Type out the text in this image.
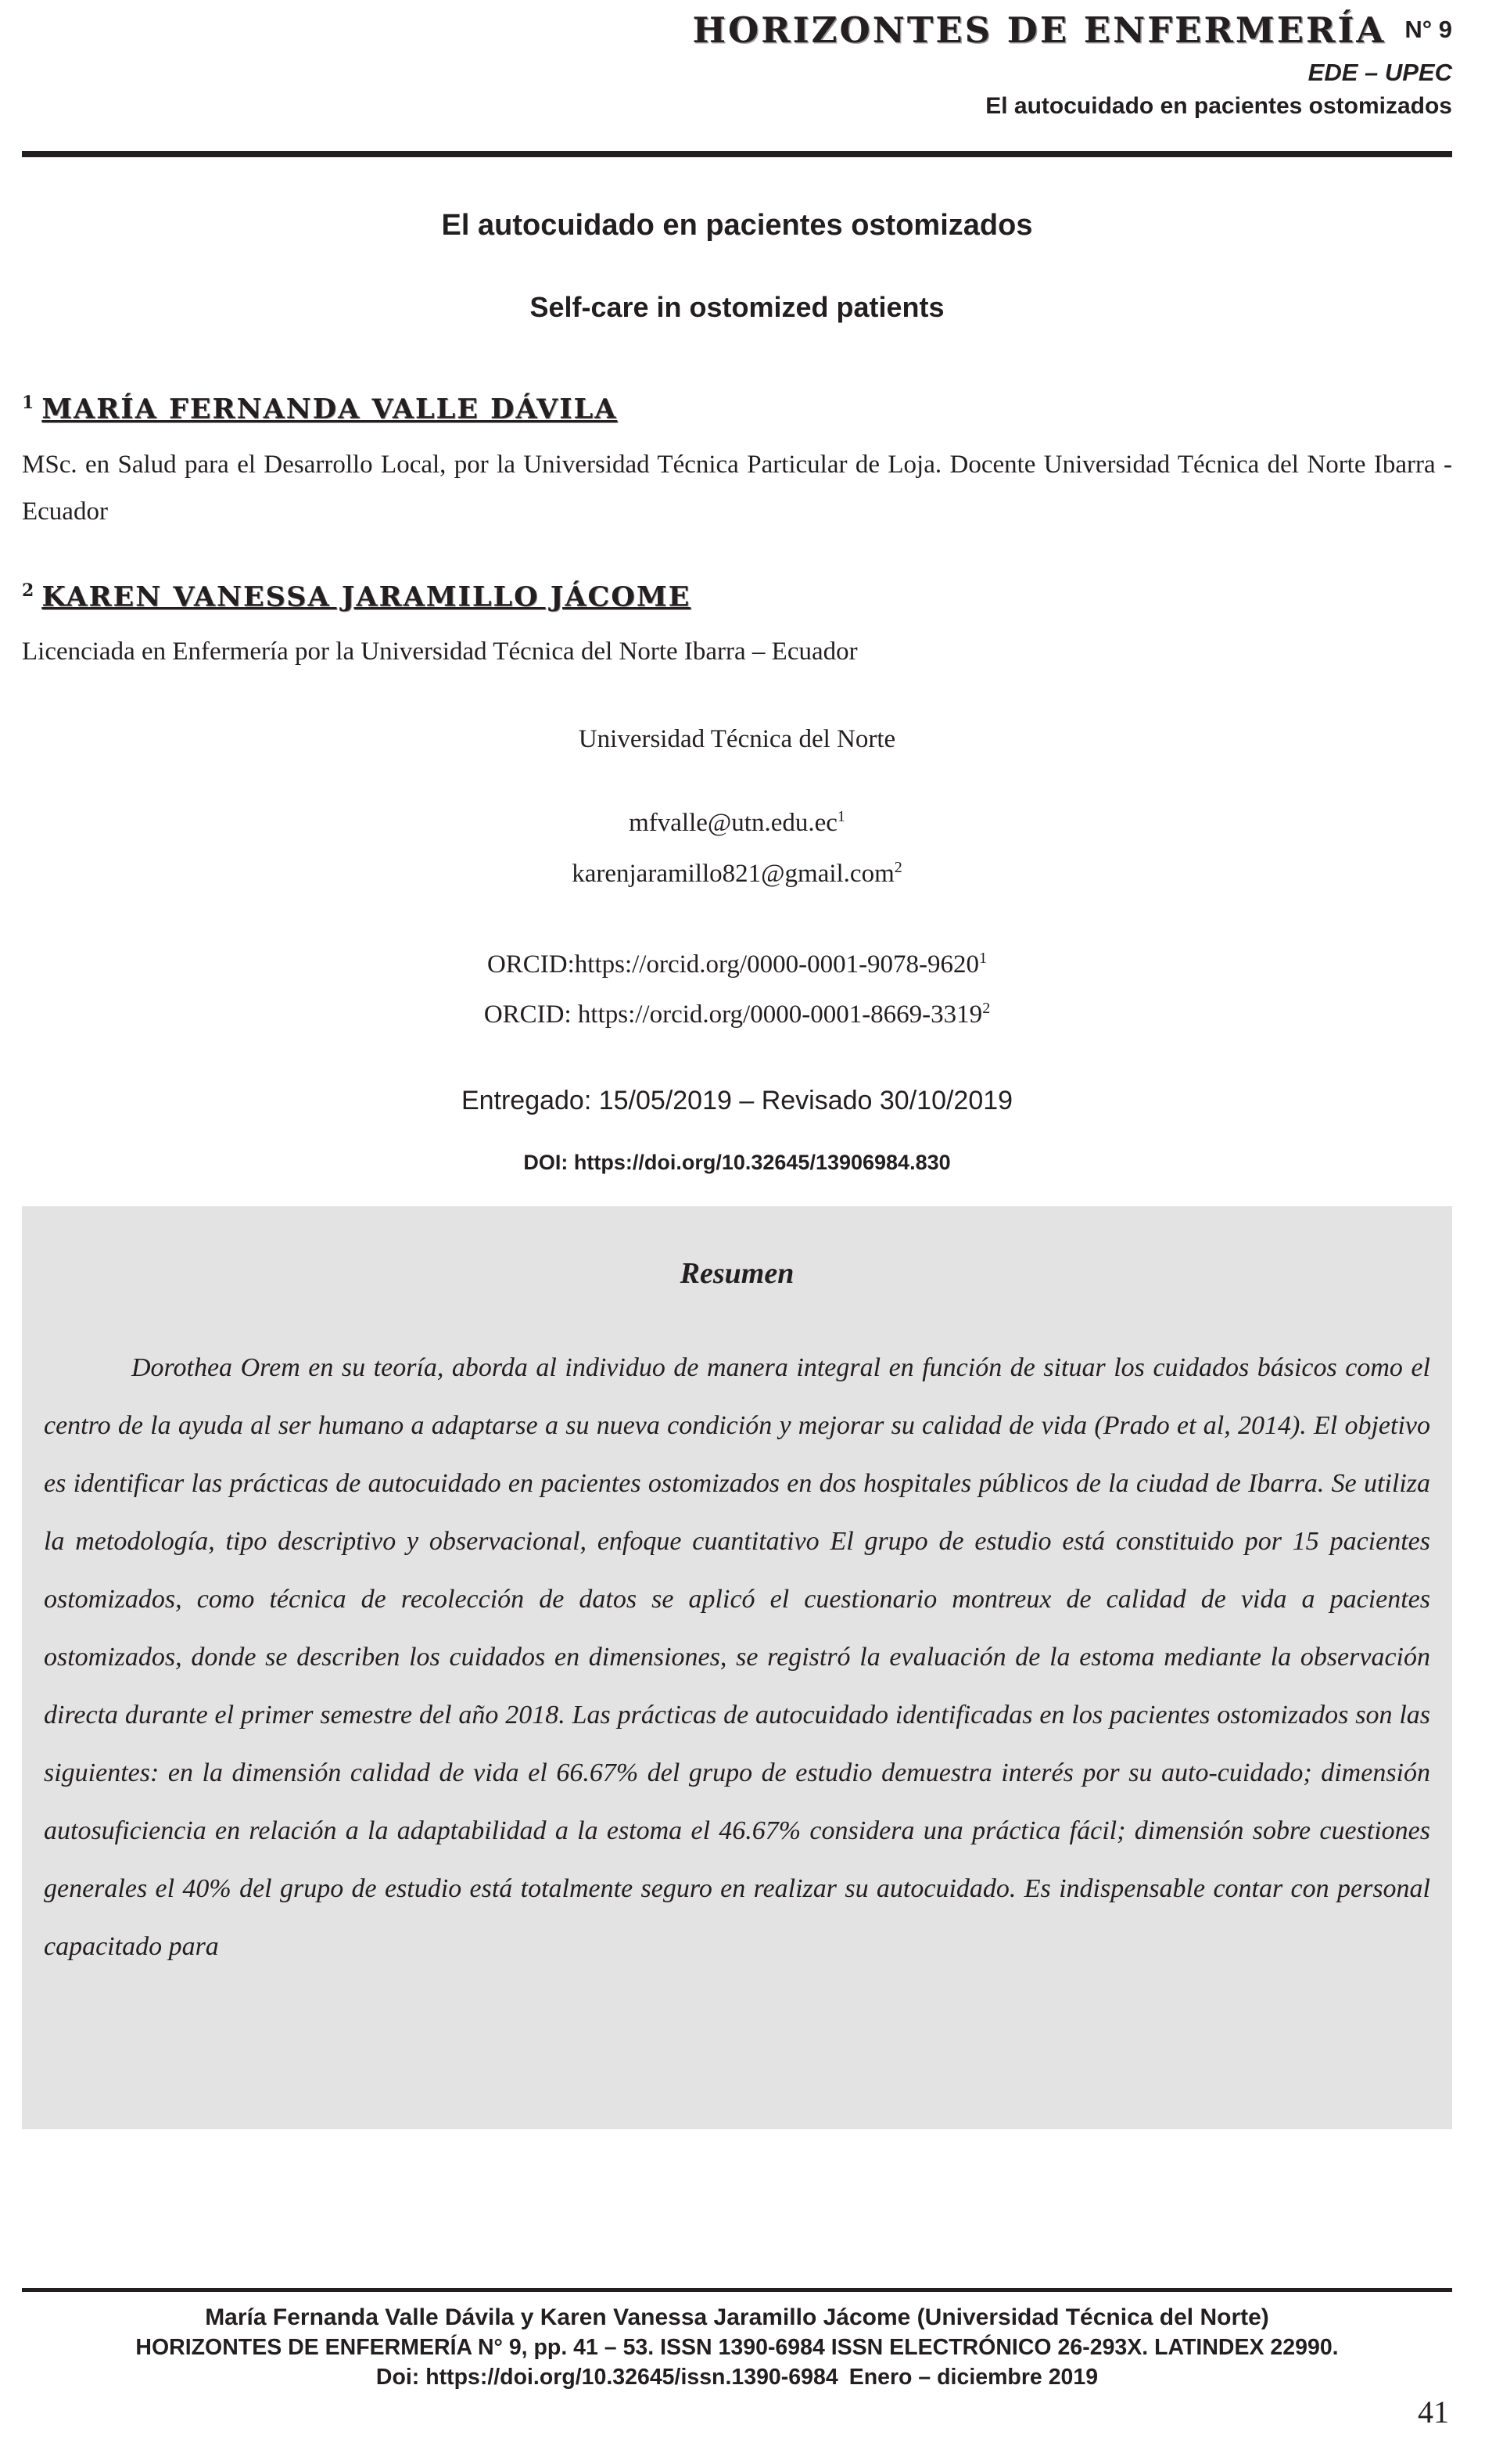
HORIZONTES DE ENFERMERÍA N° 9
EDE – UPEC
El autocuidado en pacientes ostomizados
El autocuidado en pacientes ostomizados
Self-care in ostomized patients
$^1$ MARÍA FERNANDA VALLE DÁVILA

MSc. en Salud para el Desarrollo Local, por la Universidad Técnica Particular de Loja. Docente Universidad Técnica del Norte Ibarra - Ecuador

$^2$ KAREN VANESSA JARAMILLO JÁCOME

Licenciada en Enfermería por la Universidad Técnica del Norte Ibarra – Ecuador

Universidad Técnica del Norte

$mfvalle@utn.edu.ec^1$
karenjaramillo821@gmail.com$^2$
ORCID:https://orcid.org/0000-0001-9078-9620$^1$
ORCID: https://orcid.org/0000-0001-8669-3319$^2$

Entregado: 15/05/2019 – Revisado 30/10/2019

DOI: https://doi.org/10.32645/13906984.830

Resumen

Dorothea Orem en su teoría, aborda al individuo de manera integral en función de situar los cuidados básicos como el centro de la ayuda al ser humano a adaptarse a su nueva condición y mejorar su calidad de vida (Prado et al, 2014). El objetivo es identificar las prácticas de autocuidado en pacientes ostomizados en dos hospitales públicos de la ciudad de Ibarra. Se utiliza la metodología, tipo descriptivo y observacional, enfoque cuantitativo El grupo de estudio está constituido por 15 pacientes ostomizados, como técnica de recolección de datos se aplicó el cuestionario montreux de calidad de vida a pacientes ostomizados, donde se describen los cuidados en dimensiones, se registró la evaluación de la estoma mediante la observación directa durante el primer semestre del año 2018. Las prácticas de autocuidado identificadas en los pacientes ostomizados son las siguientes: en la dimensión calidad de vida el 66.67% del grupo de estudio demuestra interés por su auto-cuidado; dimensión autosuficiencia en relación a la adaptabilidad a la estoma el 46.67% considera una práctica fácil; dimensión sobre cuestiones generales el 40% del grupo de estudio está totalmente seguro en realizar su autocuidado. Es indispensable contar con personal capacitado para

María Fernanda Valle Dávila y Karen Vanessa Jaramillo Jácome (Universidad Técnica del Norte)
HORIZONTES DE ENFERMERÍA N° 9, pp. 41 – 53. ISSN 1390-6984 ISSN ELECTRÓNICO 26-293X. LATINDEX 22990.
Doi: https://doi.org/10.32645/issn.1390-6984 Enero – diciembre 2019
41
